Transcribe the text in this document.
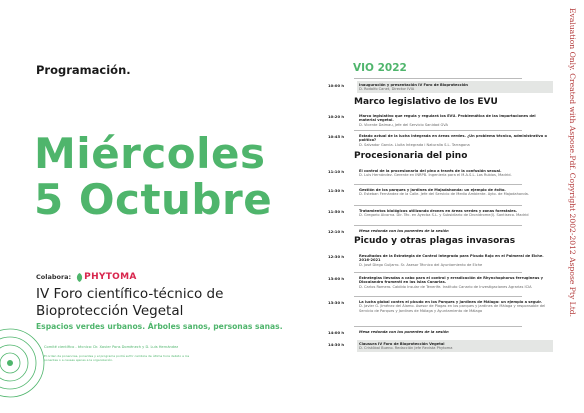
Evaluation Only. Created with Aspose.Pdf. Copyright 2002-2012 Aspose Pty Ltd.
Programación.
Miércoles
5 Octubre
Colabora: PHYTOMA
IV Foro científico-técnico de Bioprotección Vegetal
Espacios verdes urbanos. Árboles sanos, personas sanas.
Comité científico - técnico: Dr. Xavier Pons Domènech y D. Luis Hernández
El orden de ponencias, ponentes y el programa podrá sufrir cambios de última hora debido a los ponentes o a causas ajenas a la organización.
VIO 2022
10:00 h	Inauguración y presentación IV Foro de Bioprotección
D. Rodolfo Canet, Director IVIA
Marco legislativo de los EVU
10:20 h	Marco legislativo que regula y regulará los EVU. Problemática de las importaciones del material vegetal.
D. Vicente Dalmau, Jefe del Servicio Sanidad GVA
10:45 h	Estado actual de la lucha integrada en áreas verdes. ¿Un problema técnico, administrativo o político?
D. Salvador Garcia. Lluita Integrada i Naturalia S.L. Tarragona
Procesionaria del pino
11:10 h	El control de la procesionaria del pino a través de la confusión sexual.
D. Luis Hernández. Gerente en INRPB. Ingeniería para el M.A.S.L. Los Rubios, Madrid.
11:30 h	Gestión de los parques y jardines de Majadahonda: un ejemplo de éxito.
D. Esteban Fernández de la Calle. Jefe del Servicio de Medio Ambiente. Ayto. de Majadahonda.
11:50 h	Tratamientos biológicos utilizando drones en áreas verdes y zonas forestales.
D. Gregorio Alcorna. Dir. Téc. en Ayecba S.L. y Subsidiario de Dronidrome(l). Santiseco. Madrid
12:10 h	Mesa redonda con los ponentes de la sesión
Picudo y otras plagas invasoras
12:30 h	Resultados de la Estrategia de Control Integrado para Picudo Rojo en el Palmeral de Elche. 2016-2021
D. José Diego Guijarro. Sr. Asesor Técnico del Ayuntamiento de Elche
13:00 h	Estrategias llevadas a cabo para el control y erradicación de Rhynchophorus ferrugineus y Diocalandra frumenti en las Islas Canarias.
D. Carlos Romero. Cabildo Insular de Tenerife. Instituto Canario de Investigaciones Agrarias ICIA
13:30 h	La lucha global contra el picudo en los Parques y Jardines de Málaga: un ejemplo a seguir.
D. Javier G. Jiménez del Álamo. Asesor de Plagas en los parques y jardines de Málaga y responsable del Servicio de Parques y Jardines de Málaga y Ayuntamiento de Málaga
14:00 h	Mesa redonda con los ponentes de la sesión
14:30 h	Clausura IV Foro de Bioprotección Vegetal
D. Cristóbal Bueno. Redacción Jefe Revista Phytoma
